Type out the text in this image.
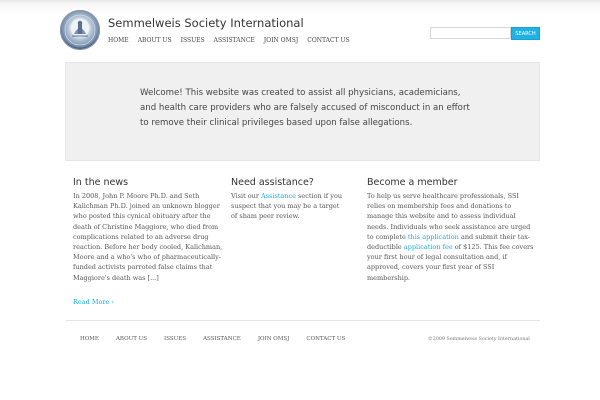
Semmelweis Society International
HOME ABOUT US ISSUES ASSISTANCE JOIN OMSJ CONTACT US
SEARCH

Welcome! This website was created to assist all physicians, academicians, and health care providers who are falsely accused of misconduct in an effort to remove their clinical privileges based upon false allegations.

In the news

In 2008, John P. Moore Ph.D. and Seth Kalichman Ph.D. joined an unknown blogger who posted this cynical obituary after the death of Christine Maggiore, who died from complications related to an adverse drug reaction. Before her body cooled, Kalichman, Moore and a who's who of pharmaceutically-funded activists parroted false claims that Maggiore's death was [...]

Read More ›
Need assistance?

Visit our Assistance section if you suspect that you may be a target of sham peer review.

Become a member

To help us serve healthcare professionals, SSI relies on membership fees and donations to manage this website and to assess individual needs. Individuals who seek assistance are urged to complete this application and submit their tax-deductible application fee of $125. This fee covers your first hour of legal consultation and, if approved, covers your first year of SSI membership.

HOME	ABOUT US	ISSUES	ASSISTANCE	JOIN OMSJ	CONTACT US	©2009 Semmelweis Society International
